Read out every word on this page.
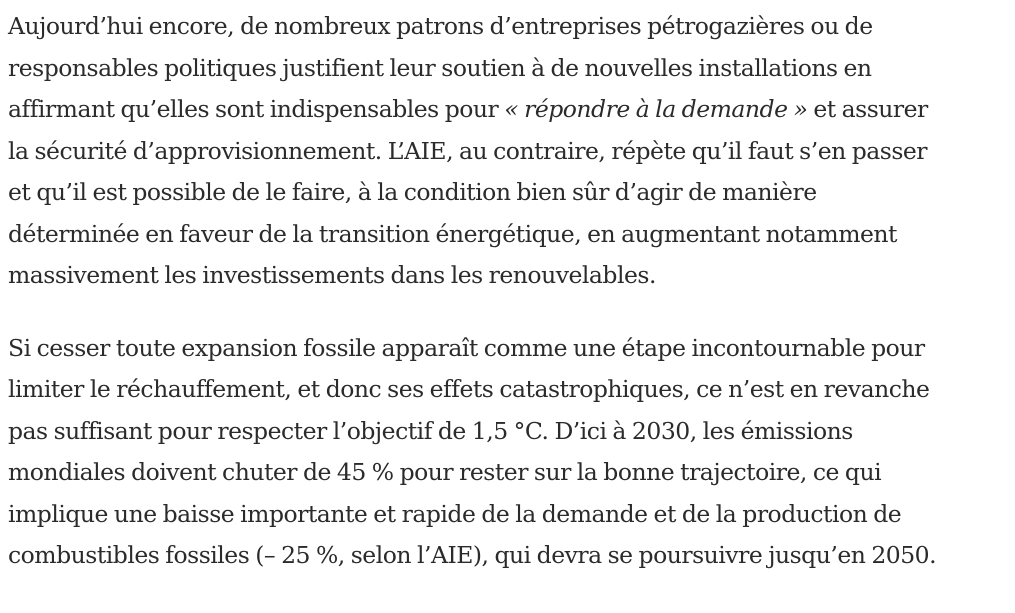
Aujourd’hui encore, de nombreux patrons d’entreprises pétrogazières ou de
responsables politiques justifient leur soutien à de nouvelles installations en
affirmant qu’elles sont indispensables pour « répondre à la demande » et assurer
la sécurité d’approvisionnement. L’AIE, au contraire, répète qu’il faut s’en passer
et qu’il est possible de le faire, à la condition bien sûr d’agir de manière
déterminée en faveur de la transition énergétique, en augmentant notamment
massivement les investissements dans les renouvelables.

Si cesser toute expansion fossile apparaît comme une étape incontournable pour
limiter le réchauffement, et donc ses effets catastrophiques, ce n’est en revanche
pas suffisant pour respecter l’objectif de 1,5 °C. D’ici à 2030, les émissions
mondiales doivent chuter de 45 % pour rester sur la bonne trajectoire, ce qui
implique une baisse importante et rapide de la demande et de la production de
combustibles fossiles (– 25 %, selon l’AIE), qui devra se poursuivre jusqu’en 2050.
